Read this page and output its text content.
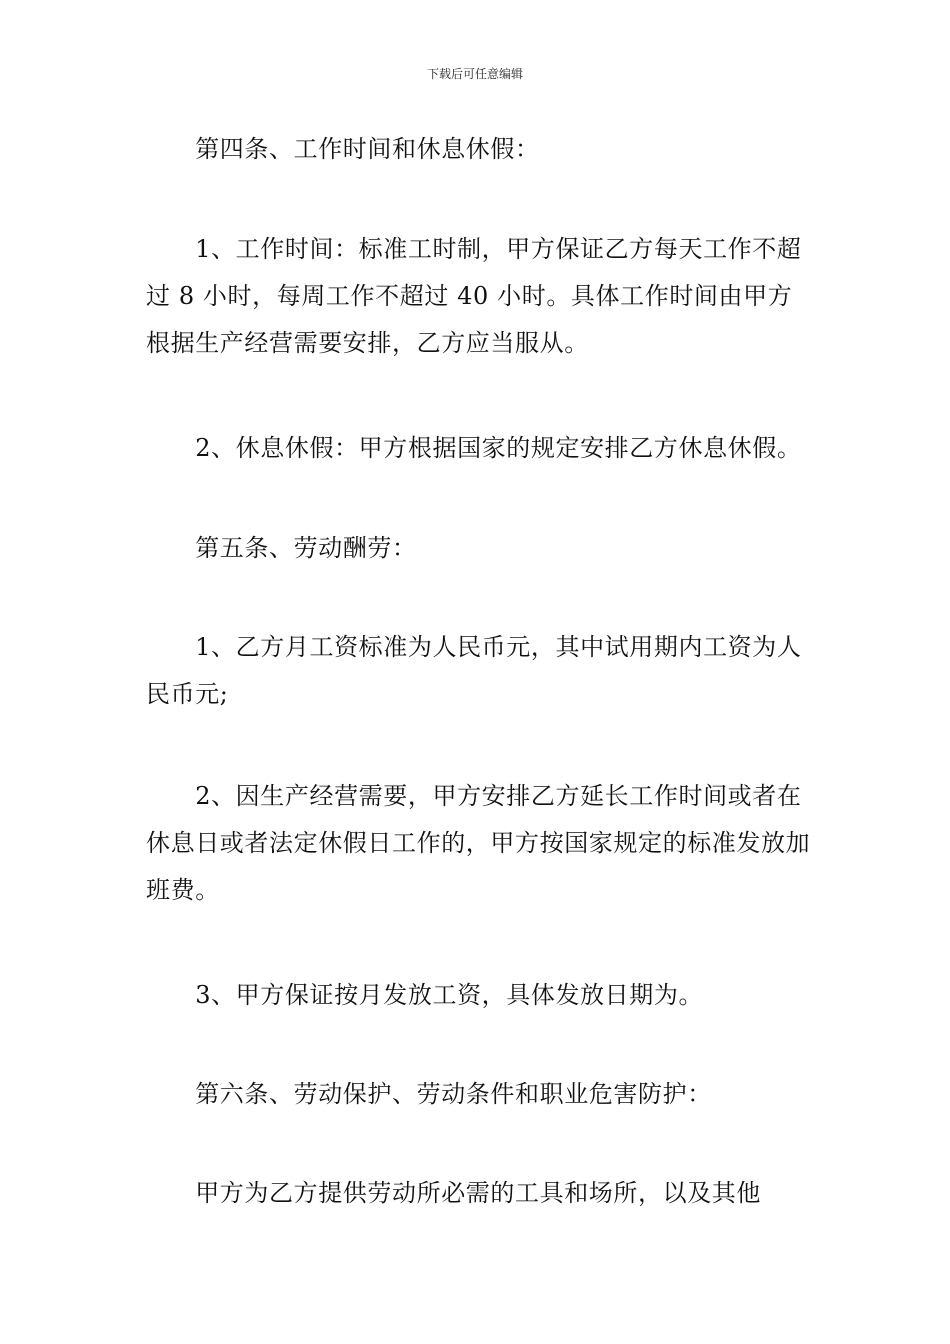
下载后可任意编辑

　　第四条、工作时间和休息休假：

　　1、工作时间：标准工时制，甲方保证乙方每天工作不超过 8 小时，每周工作不超过 40 小时。具体工作时间由甲方根据生产经营需要安排，乙方应当服从。

　　2、休息休假：甲方根据国家的规定安排乙方休息休假。

　　第五条、劳动酬劳：

　　1、乙方月工资标准为人民币元，其中试用期内工资为人民币元;

　　2、因生产经营需要，甲方安排乙方延长工作时间或者在休息日或者法定休假日工作的，甲方按国家规定的标准发放加班费。

　　3、甲方保证按月发放工资，具体发放日期为。

　　第六条、劳动保护、劳动条件和职业危害防护：

　　甲方为乙方提供劳动所必需的工具和场所，以及其他
